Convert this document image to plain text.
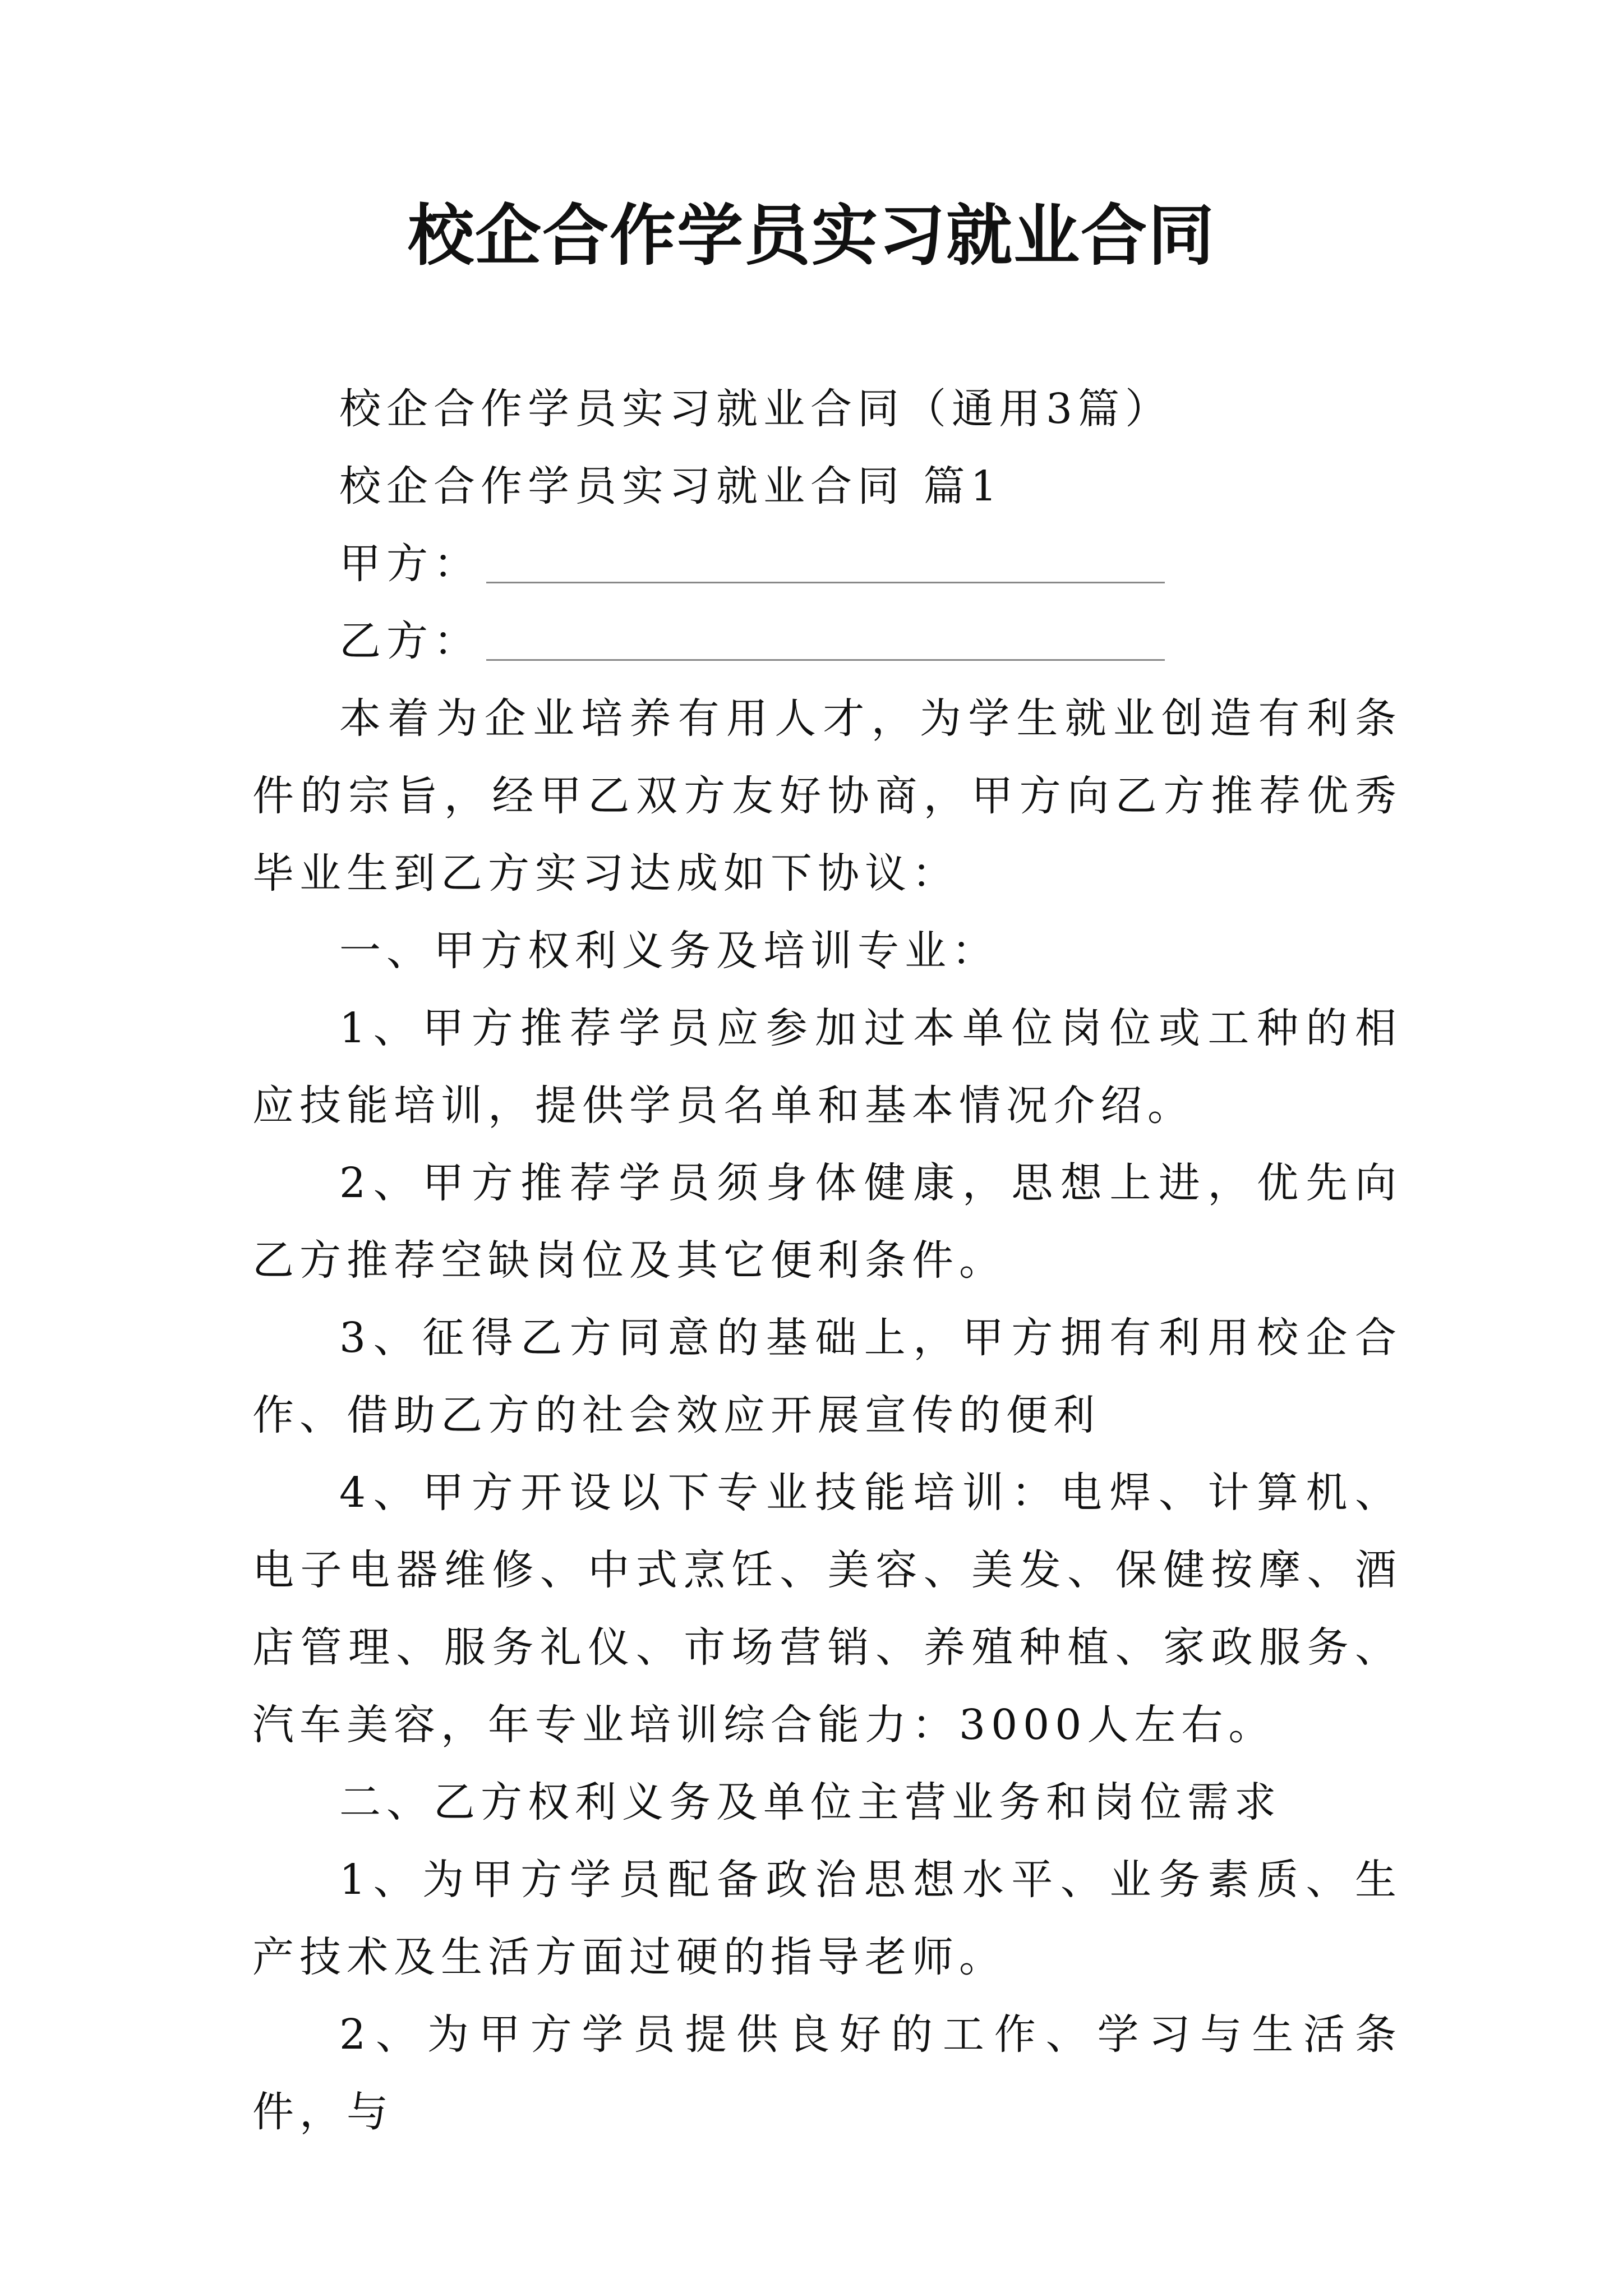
校企合作学员实习就业合同

校企合作学员实习就业合同（通用3篇）

校企合作学员实习就业合同 篇1

甲方：
乙方：

本着为企业培养有用人才，为学生就业创造有利条件的宗旨，经甲乙双方友好协商，甲方向乙方推荐优秀毕业生到乙方实习达成如下协议：

一、甲方权利义务及培训专业：

1、甲方推荐学员应参加过本单位岗位或工种的相应技能培训，提供学员名单和基本情况介绍。

2、甲方推荐学员须身体健康，思想上进，优先向乙方推荐空缺岗位及其它便利条件。

3、征得乙方同意的基础上，甲方拥有利用校企合作、借助乙方的社会效应开展宣传的便利

4、甲方开设以下专业技能培训：电焊、计算机、电子电器维修、中式烹饪、美容、美发、保健按摩、酒店管理、服务礼仪、市场营销、养殖种植、家政服务、汽车美容，年专业培训综合能力：3000人左右。

二、乙方权利义务及单位主营业务和岗位需求

1、为甲方学员配备政治思想水平、业务素质、生产技术及生活方面过硬的指导老师。

2、为甲方学员提供良好的工作、学习与生活条件，与
